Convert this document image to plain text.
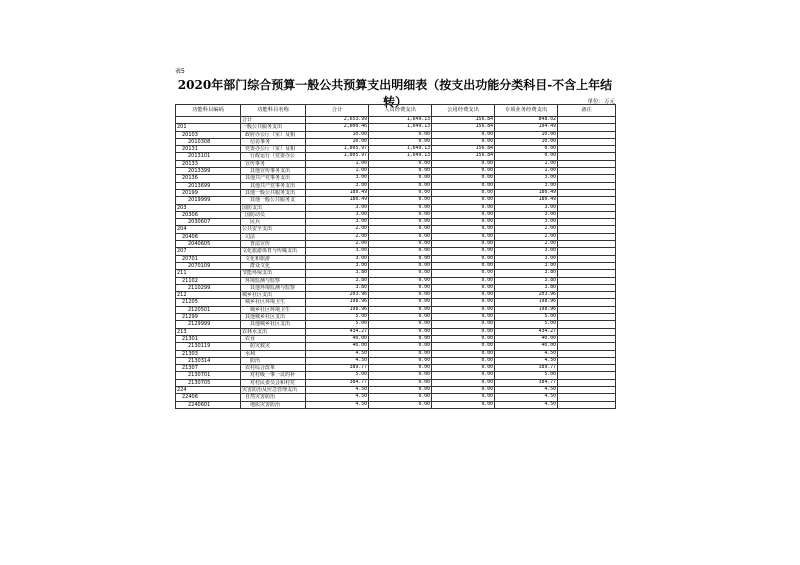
表5
2020年部门综合预算一般公共预算支出明细表（按支出功能分类科目-不含上年结转）	单位：万元
功能科目编码	功能科目名称	合计	人员经费支出	公用经费支出	专项业务经费支出	备注
	合计	2,653.99	1,649.13	156.84	848.02	
201	一般公共服务支出	2,000.46	1,649.13	156.84	194.49	
20103	政府办公厅（室）及相	10.00	0.00	0.00	10.00	
2010308	信访事务	10.00	0.00	0.00	10.00	
20131	党委办公厅（室）及相	1,805.97	1,649.13	156.84	0.00	
2013101	行政运行（党委办公	1,805.97	1,649.13	156.84	0.00	
20133	宣传事务	1.00	0.00	0.00	1.00	
2013399	其他宣传事务支出	1.00	0.00	0.00	1.00	
20136	其他共产党事务支出	3.00	0.00	0.00	3.00	
2013699	其他共产党事务支出	3.00	0.00	0.00	3.00	
20199	其他一般公共服务支出	180.49	0.00	0.00	180.49	
2019999	其他一般公共服务支	180.49	0.00	0.00	180.49	
203	国防支出	3.00	0.00	0.00	3.00	
20306	国防动员	3.00	0.00	0.00	3.00	
2030607	民兵	3.00	0.00	0.00	3.00	
204	公共安全支出	2.00	0.00	0.00	2.00	
20406	司法	2.00	0.00	0.00	2.00	
2040605	普法宣传	2.00	0.00	0.00	2.00	
207	文化旅游体育与传媒支出	3.00	0.00	0.00	3.00	
20701	文化和旅游	3.00	0.00	0.00	3.00	
2070109	群众文化	3.00	0.00	0.00	3.00	
211	节能环保支出	3.80	0.00	0.00	3.80	
21102	环境监测与监察	3.80	0.00	0.00	3.80	
2110299	其他环境监测与监察	3.80	0.00	0.00	3.80	
212	城乡社区支出	203.96	0.00	0.00	203.96	
21205	城乡社区环境卫生	198.96	0.00	0.00	198.96	
2120501	城乡社区环境卫生	198.96	0.00	0.00	198.96	
21299	其他城乡社区支出	5.00	0.00	0.00	5.00	
2129999	其他城乡社区支出	5.00	0.00	0.00	5.00	
213	农林水支出	434.27	0.00	0.00	434.27	
21301	农业	40.00	0.00	0.00	40.00	
2130119	防灾救灾	40.00	0.00	0.00	40.00	
21303	水利	4.50	0.00	0.00	4.50	
2130314	防汛	4.50	0.00	0.00	4.50	
21307	农村综合改革	389.77	0.00	0.00	389.77	
2130701	对村级一事一议的补	5.00	0.00	0.00	5.00	
2130705	对村民委员会和村党	384.77	0.00	0.00	384.77	
224	灾害防治及应急管理支出	4.50	0.00	0.00	4.50	
22406	自然灾害防治	4.50	0.00	0.00	4.50	
2240601	地质灾害防治	4.50	0.00	0.00	4.50	
